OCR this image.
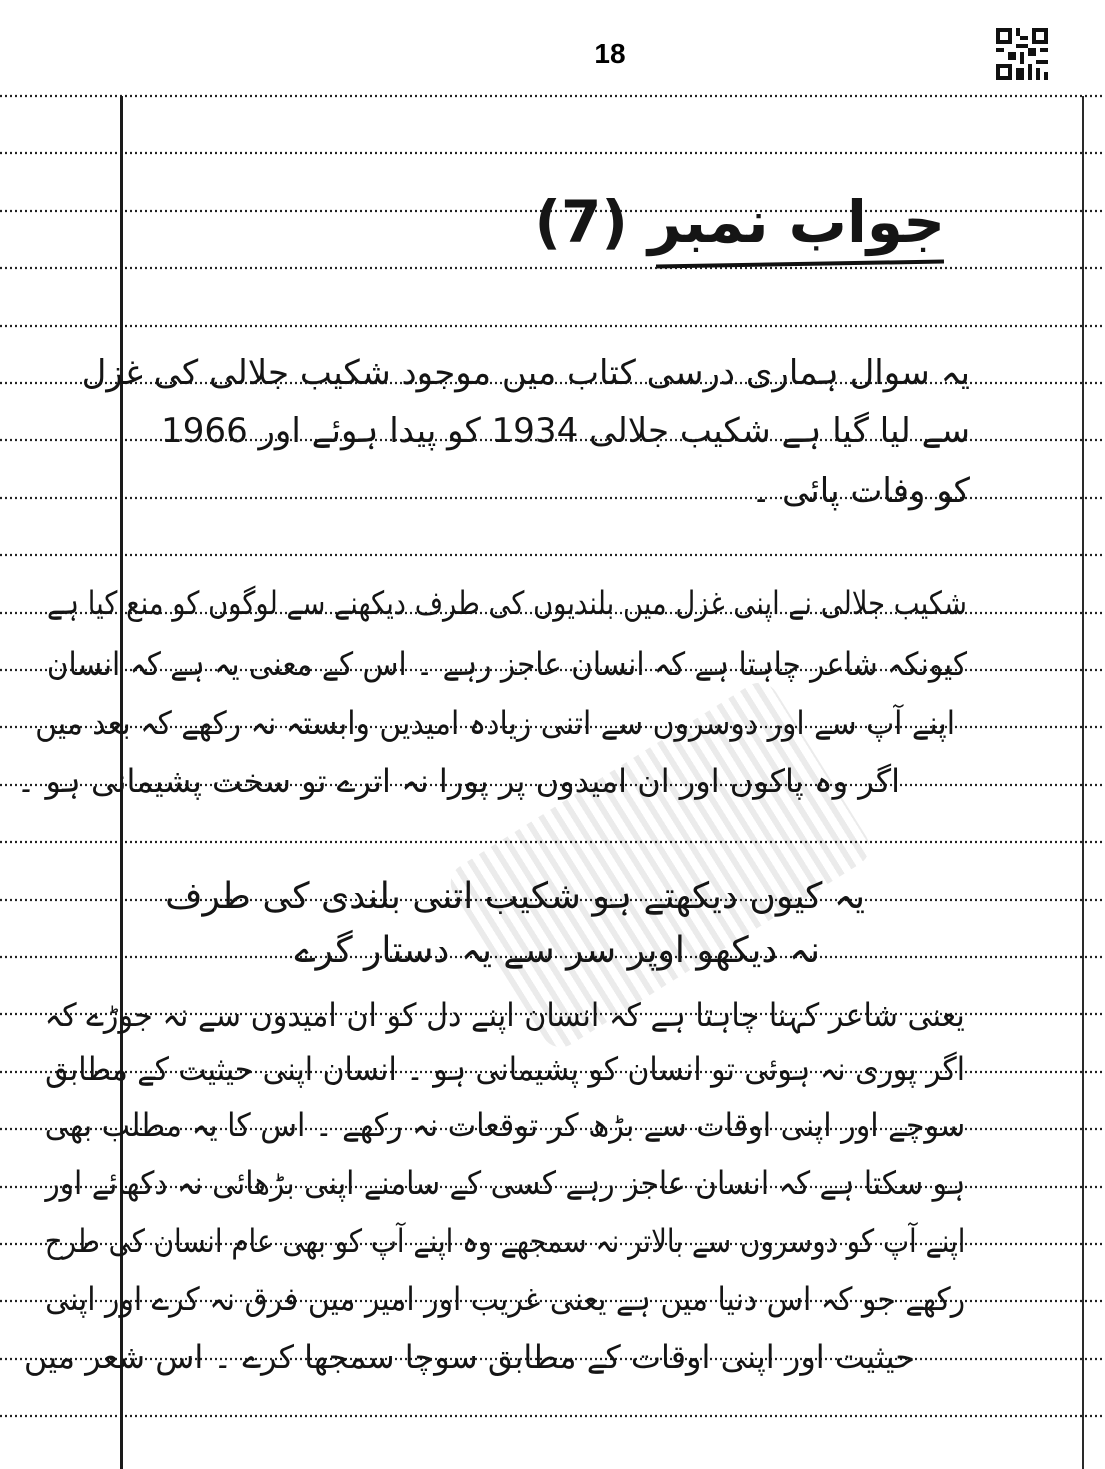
18
جواب نمبر (7)
یہ سوال ہماری درسی کتاب میں موجود شکیب جلالی کی غزل
سے لیا گیا ہے شکیب جلالی 1934 کو پیدا ہوئے اور 1966
کو وفات پائی ۔
شکیب جلالی نے اپنی غزل میں بلندیوں کی طرف دیکھنے سے لوگوں کو منع کیا ہے
کیونکہ شاعر چاہتا ہے کہ انسان عاجز رہے ۔ اس کے معنی یہ ہے کہ انسان
اپنے آپ سے اور دوسروں سے اتنی زیادہ امیدیں وابستہ نہ رکھے کہ بعد میں
اگر وہ پاکوں اور ان امیدوں پر پورا نہ اترے تو سخت پشیمانی ہو ۔
یہ کیوں دیکھتے ہو شکیب اتنی بلندی کی طرف
نہ دیکھو اوپر سر سے یہ دستار گرے
یعنی شاعر کہنا چاہتا ہے کہ انسان اپنے دل کو ان امیدوں سے نہ جوڑے کہ
اگر پوری نہ ہوئی تو انسان کو پشیمانی ہو ۔ انسان اپنی حیثیت کے مطابق
سوچے اور اپنی اوقات سے بڑھ کر توقعات نہ رکھے ۔ اس کا یہ مطلب بھی
ہو سکتا ہے کہ انسان عاجز رہے کسی کے سامنے اپنی بڑھائی نہ دکھائے اور
اپنے آپ کو دوسروں سے بالاتر نہ سمجھے وہ اپنے آپ کو بھی عام انسان کی طرح
رکھے جو کہ اس دنیا میں ہے یعنی غریب اور امیر میں فرق نہ کرے اور اپنی
حیثیت اور اپنی اوقات کے مطابق سوچا سمجھا کرے ۔ اس شعر میں
